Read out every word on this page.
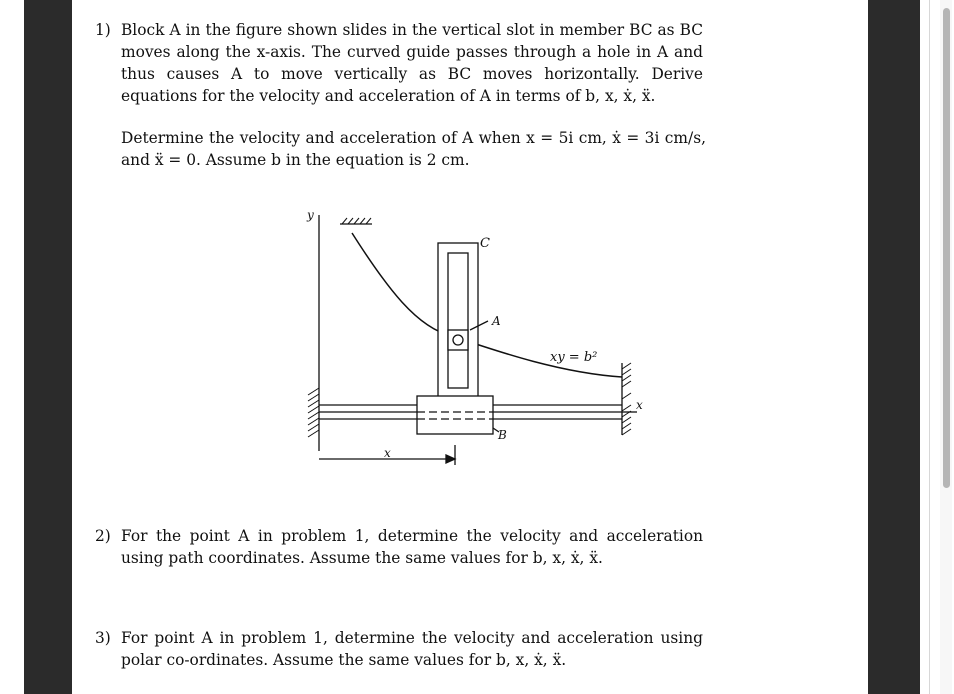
1) Block A in the figure shown slides in the vertical slot in member BC as BC moves along the x-axis. The curved guide passes through a hole in A and thus causes A to move vertically as BC moves horizontally. Derive equations for the velocity and acceleration of A in terms of b, x, ẋ, ẍ.
Determine the velocity and acceleration of A when x = 5i cm, ẋ = 3i cm/s, and ẍ = 0. Assume b in the equation is 2 cm.
y
C
A
B
x
x
xy = b²
2) For the point A in problem 1, determine the velocity and acceleration using path coordinates. Assume the same values for b, x, ẋ, ẍ.
3) For point A in problem 1, determine the velocity and acceleration using polar co-ordinates. Assume the same values for b, x, ẋ, ẍ.
